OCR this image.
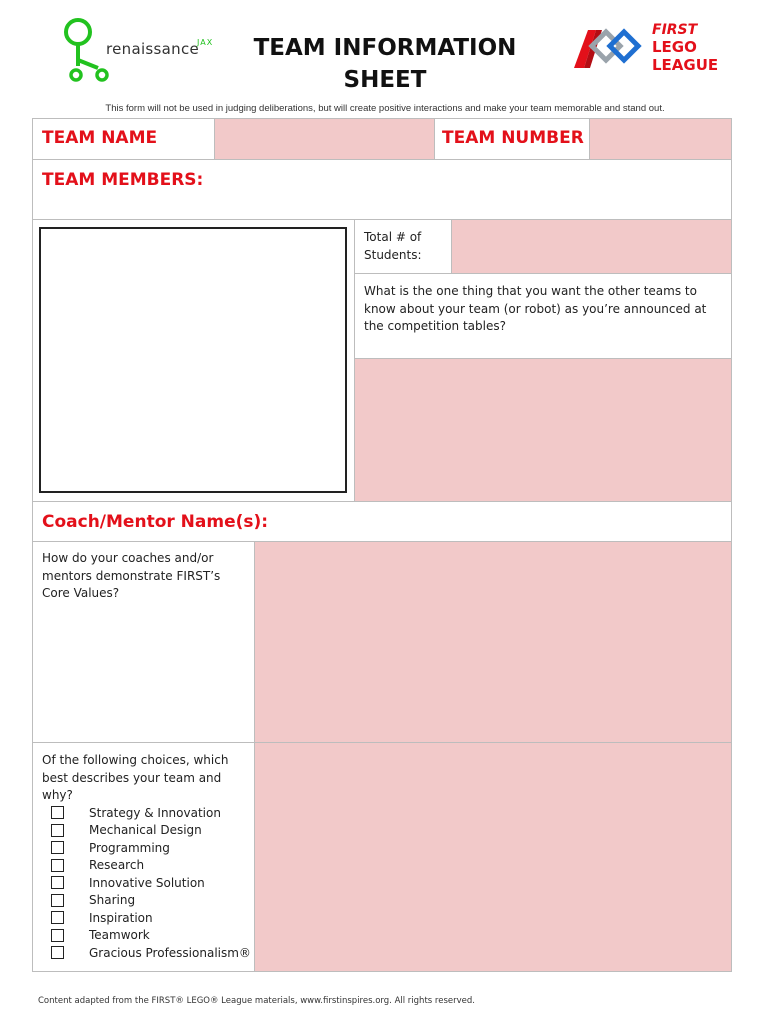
renaissance
JAX	TEAM INFORMATION
SHEET
FIRST
LEGO
LEAGUE
This form will not be used in judging deliberations, but will create positive interactions and make your team memorable and stand out.
TEAM NAME	TEAM NUMBER
TEAM MEMBERS:
Total # of
Students:
What is the one thing that you want the other teams to know about your team (or robot) as you’re announced at the competition tables?
Coach/Mentor Name(s):
How do your coaches and/or mentors demonstrate FIRST’s Core Values?
Of the following choices, which best describes your team and why?
Strategy & Innovation
Mechanical Design
Programming
Research
Innovative Solution
Sharing
Inspiration
Teamwork
Gracious Professionalism®
Content adapted from the FIRST® LEGO® League materials, www.firstinspires.org. All rights reserved.
